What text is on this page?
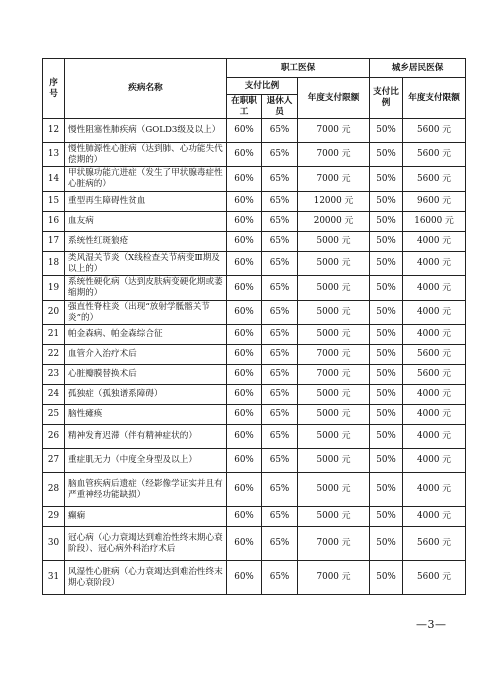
序号	疾病名称	职工医保			城乡居民医保	
		支付比例		年度支付限额	支付比例	年度支付限额
		在职职工	退休人员			
12	慢性阻塞性肺疾病（GOLD3级及以上）	60%	65%	7000 元	50%	5600 元
13	慢性肺源性心脏病（达到肺、心功能失代偿期的）	60%	65%	7000 元	50%	5600 元
14	甲状腺功能亢进症（发生了甲状腺毒症性心脏病的）	60%	65%	7000 元	50%	5600 元
15	重型再生障碍性贫血	60%	65%	12000 元	50%	9600 元
16	血友病	60%	65%	20000 元	50%	16000 元
17	系统性红斑狼疮	60%	65%	5000 元	50%	4000 元
18	类风湿关节炎（X线检查关节病变Ⅲ期及以上的）	60%	65%	5000 元	50%	4000 元
19	系统性硬化病（达到皮肤病变硬化期或萎缩期的）	60%	65%	5000 元	50%	4000 元
20	强直性脊柱炎（出现“放射学骶髂关节炎”的）	60%	65%	5000 元	50%	4000 元
21	帕金森病、帕金森综合征	60%	65%	5000 元	50%	4000 元
22	血管介入治疗术后	60%	65%	7000 元	50%	5600 元
23	心脏瓣膜替换术后	60%	65%	7000 元	50%	5600 元
24	孤独症（孤独谱系障碍）	60%	65%	5000 元	50%	4000 元
25	脑性瘫痪	60%	65%	5000 元	50%	4000 元
26	精神发育迟滞（伴有精神症状的）	60%	65%	5000 元	50%	4000 元
27	重症肌无力（中度全身型及以上）	60%	65%	5000 元	50%	4000 元
28	脑血管疾病后遗症（经影像学证实并且有严重神经功能缺损）	60%	65%	5000 元	50%	4000 元
29	癫痫	60%	65%	5000 元	50%	4000 元
30	冠心病（心力衰竭达到难治性终末期心衰阶段）、冠心病外科治疗术后	60%	65%	7000 元	50%	5600 元
31	风湿性心脏病（心力衰竭达到难治性终末期心衰阶段）	60%	65%	7000 元	50%	5600 元
—3—
